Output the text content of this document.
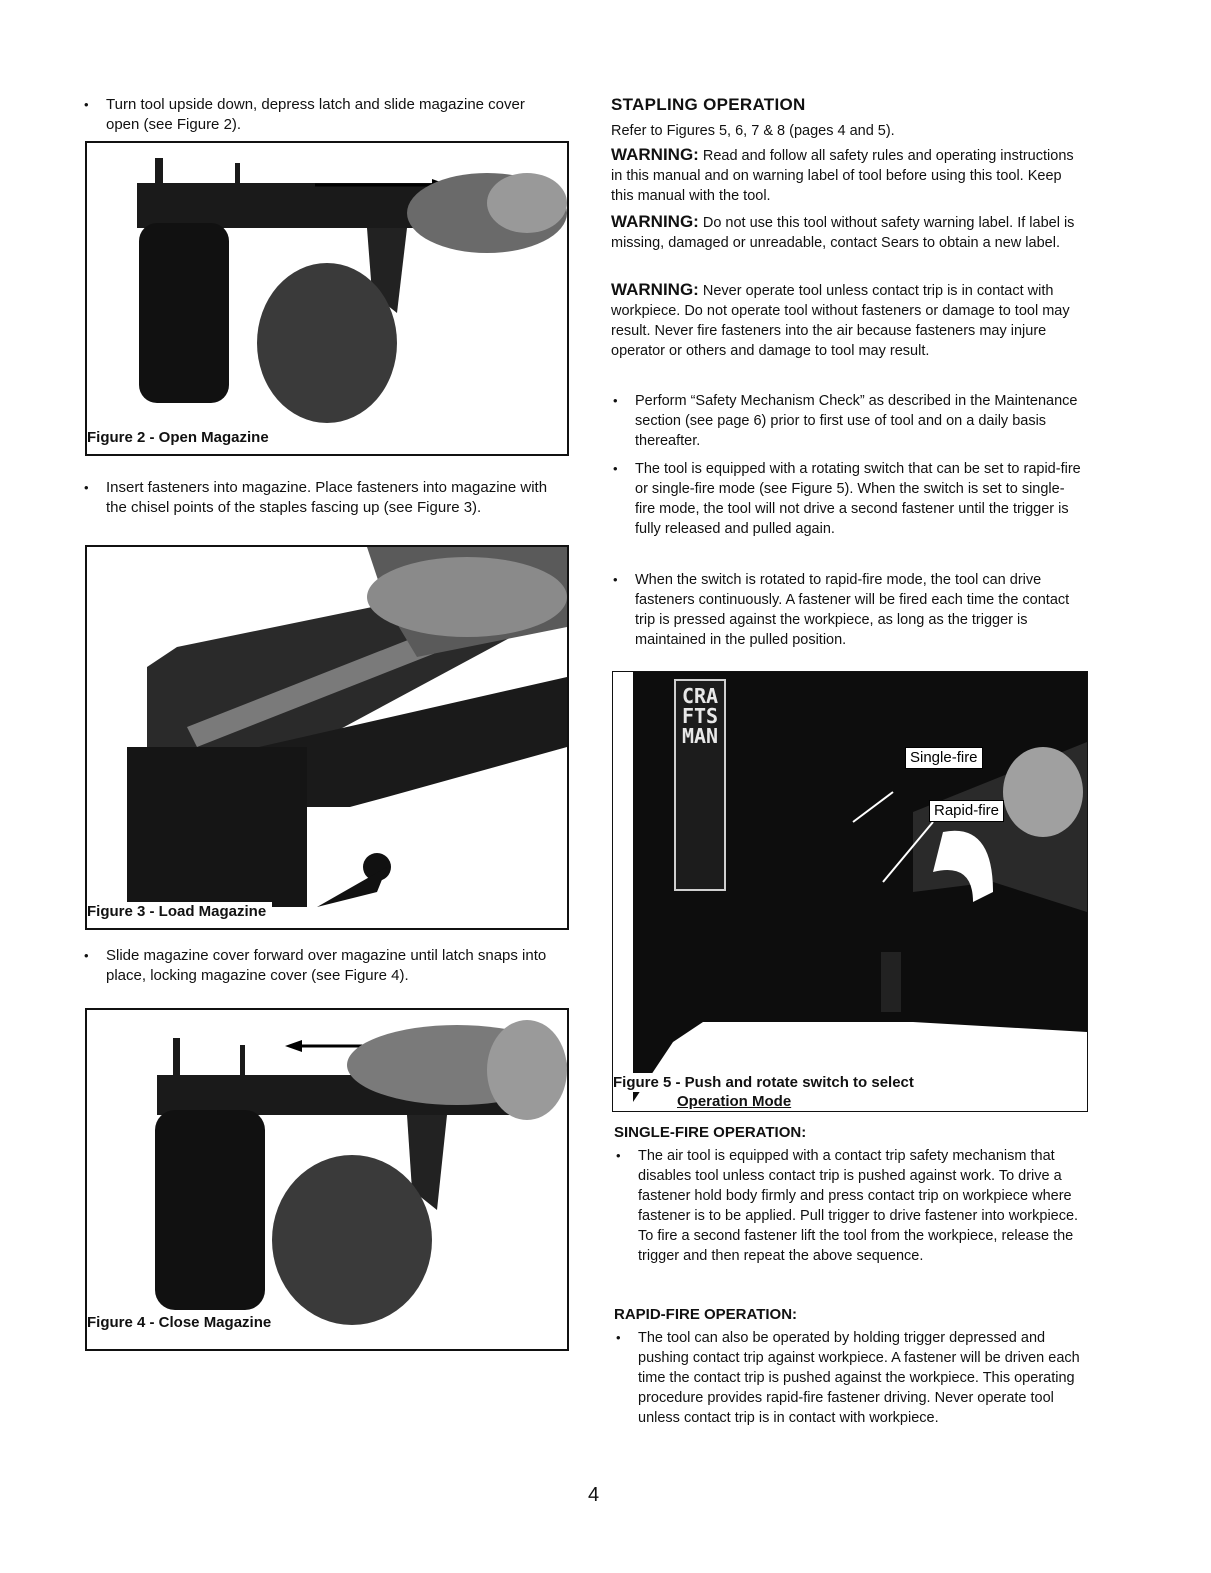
• Turn tool upside down, depress latch and slide magazine cover open (see Figure 2).
Figure 2 - Open Magazine
• Insert fasteners into magazine. Place fasteners into magazine with the chisel points of the staples fascing up (see Figure 3).
Figure 3 - Load Magazine
• Slide magazine cover forward over magazine until latch snaps into place, locking magazine cover (see Figure 4).
Figure 4 - Close Magazine
STAPLING OPERATION
Refer to Figures 5, 6, 7 & 8 (pages 4 and 5).
WARNING: Read and follow all safety rules and operating instructions in this manual and on warning label of tool before using this tool. Keep this manual with the tool.
WARNING: Do not use this tool without safety warning label. If label is missing, damaged or unreadable, contact Sears to obtain a new label.
WARNING: Never operate tool unless contact trip is in contact with workpiece. Do not operate tool without fasteners or damage to tool may result. Never fire fasteners into the air because fasteners may injure operator or others and damage to tool may result.
• Perform “Safety Mechanism Check” as described in the Maintenance section (see page 6) prior to first use of tool and on a daily basis thereafter.
• The tool is equipped with a rotating switch that can be set to rapid-fire or single-fire mode (see Figure 5). When the switch is set to single-fire mode, the tool will not drive a second fastener until the trigger is fully released and pulled again.
• When the switch is rotated to rapid-fire mode, the tool can drive fasteners continuously. A fastener will be fired each time the contact trip is pressed against the workpiece, as long as the trigger is maintained in the pulled position.
CRAFTSMAN
Single-fire
Rapid-fire
Figure 5 - Push and rotate switch to select
Operation Mode
SINGLE-FIRE OPERATION:
• The air tool is equipped with a contact trip safety mechanism that disables tool unless contact trip is pushed against work. To drive a fastener hold body firmly and press contact trip on workpiece where fastener is to be applied. Pull trigger to drive fastener into workpiece. To fire a second fastener lift the tool from the workpiece, release the trigger and then repeat the above sequence.
RAPID-FIRE OPERATION:
• The tool can also be operated by holding trigger depressed and pushing contact trip against workpiece. A fastener will be driven each time the contact trip is pushed against the workpiece. This operating procedure provides rapid-fire fastener driving. Never operate tool unless contact trip is in contact with workpiece.
4
